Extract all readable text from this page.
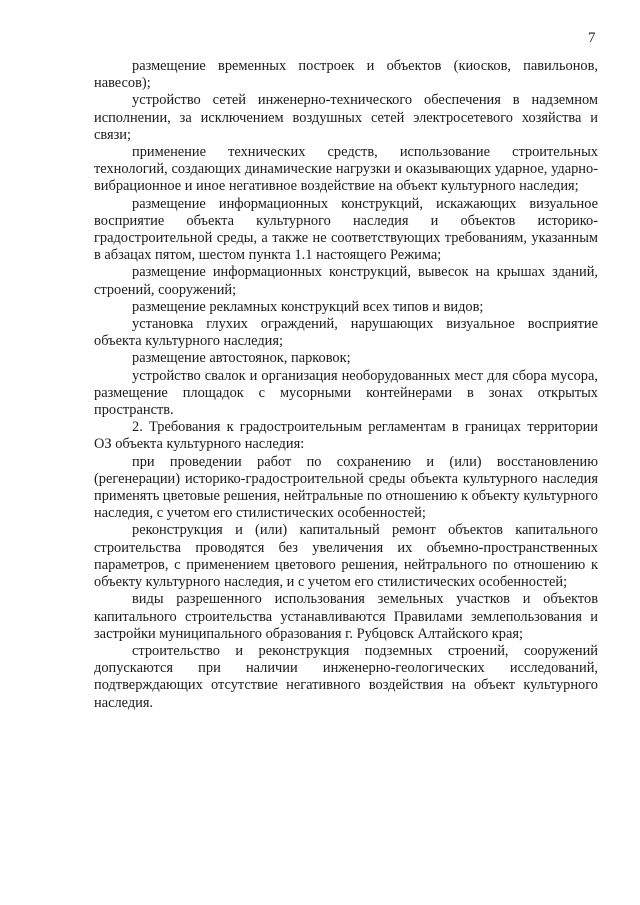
7

размещение временных построек и объектов (киосков, павильонов, навесов);

устройство сетей инженерно-технического обеспечения в надземном исполнении, за исключением воздушных сетей электросетевого хозяйства и связи;

применение технических средств, использование строительных технологий, создающих динамические нагрузки и оказывающих ударное, ударно-вибрационное и иное негативное воздействие на объект культурного наследия;

размещение информационных конструкций, искажающих визуальное восприятие объекта культурного наследия и объектов историко-градостроительной среды, а также не соответствующих требованиям, указанным в абзацах пятом, шестом пункта 1.1 настоящего Режима;

размещение информационных конструкций, вывесок на крышах зданий, строений, сооружений;

размещение рекламных конструкций всех типов и видов;

установка глухих ограждений, нарушающих визуальное восприятие объекта культурного наследия;

размещение автостоянок, парковок;

устройство свалок и организация необорудованных мест для сбора мусора, размещение площадок с мусорными контейнерами в зонах открытых пространств.

2. Требования к градостроительным регламентам в границах территории ОЗ объекта культурного наследия:

при проведении работ по сохранению и (или) восстановлению (регенерации) историко-градостроительной среды объекта культурного наследия применять цветовые решения, нейтральные по отношению к объекту культурного наследия, с учетом его стилистических особенностей;

реконструкция и (или) капитальный ремонт объектов капитального строительства проводятся без увеличения их объемно-пространственных параметров, с применением цветового решения, нейтрального по отношению к объекту культурного наследия, и с учетом его стилистических особенностей;

виды разрешенного использования земельных участков и объектов капитального строительства устанавливаются Правилами землепользования и застройки муниципального образования г. Рубцовск Алтайского края;

строительство и реконструкция подземных строений, сооружений допускаются при наличии инженерно-геологических исследований, подтверждающих отсутствие негативного воздействия на объект культурного наследия.
